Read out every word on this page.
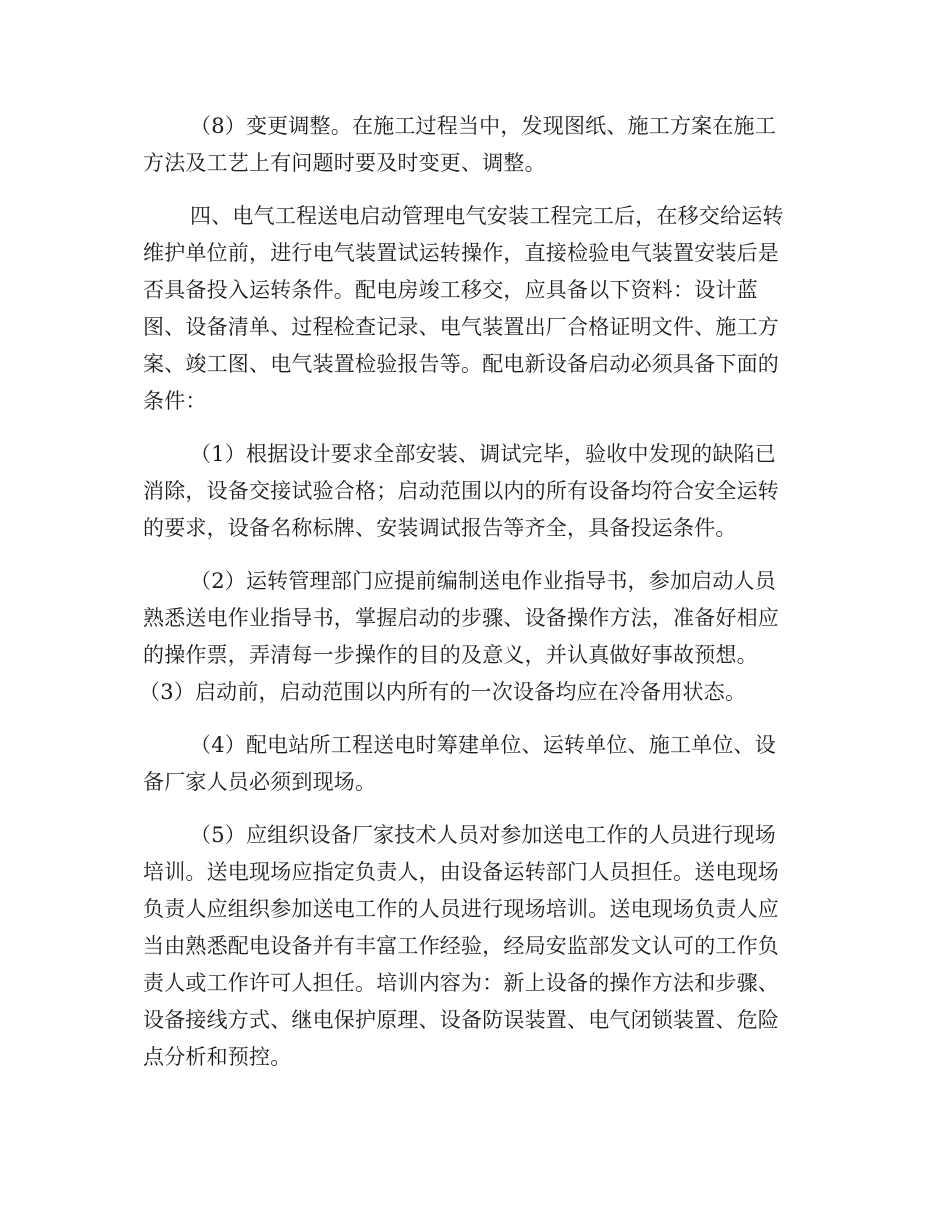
（8）变更调整。在施工过程当中，发现图纸、施工方案在施工

方法及工艺上有问题时要及时变更、调整。

四、电气工程送电启动管理电气安装工程完工后，在移交给运转

维护单位前，进行电气装置试运转操作，直接检验电气装置安装后是

否具备投入运转条件。配电房竣工移交，应具备以下资料：设计蓝

图、设备清单、过程检查记录、电气装置出厂合格证明文件、施工方

案、竣工图、电气装置检验报告等。配电新设备启动必须具备下面的

条件：

（1）根据设计要求全部安装、调试完毕，验收中发现的缺陷已

消除，设备交接试验合格；启动范围以内的所有设备均符合安全运转

的要求，设备名称标牌、安装调试报告等齐全，具备投运条件。

（2）运转管理部门应提前编制送电作业指导书，参加启动人员

熟悉送电作业指导书，掌握启动的步骤、设备操作方法，准备好相应

的操作票，弄清每一步操作的目的及意义，并认真做好事故预想。

（3）启动前，启动范围以内所有的一次设备均应在冷备用状态。

（4）配电站所工程送电时筹建单位、运转单位、施工单位、设

备厂家人员必须到现场。

（5）应组织设备厂家技术人员对参加送电工作的人员进行现场

培训。送电现场应指定负责人，由设备运转部门人员担任。送电现场

负责人应组织参加送电工作的人员进行现场培训。送电现场负责人应

当由熟悉配电设备并有丰富工作经验，经局安监部发文认可的工作负

责人或工作许可人担任。培训内容为：新上设备的操作方法和步骤、

设备接线方式、继电保护原理、设备防误装置、电气闭锁装置、危险

点分析和预控。
